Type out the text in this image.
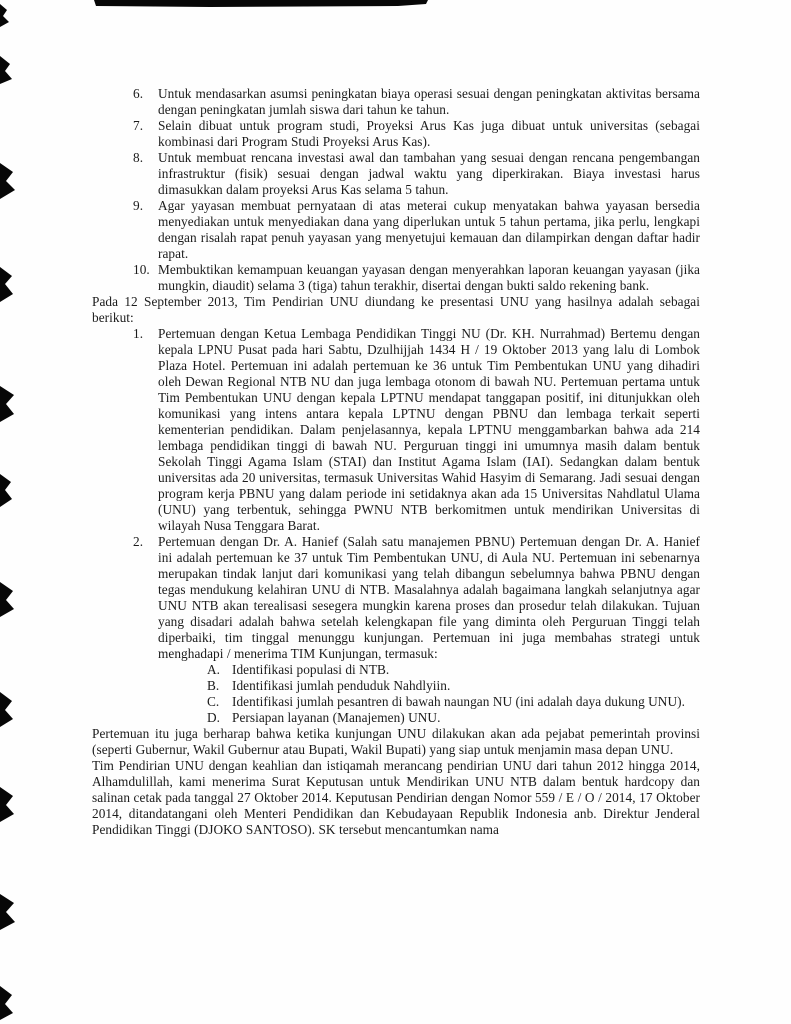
6.	Untuk mendasarkan asumsi peningkatan biaya operasi sesuai dengan peningkatan aktivitas bersama dengan peningkatan jumlah siswa dari tahun ke tahun.
7.	Selain dibuat untuk program studi, Proyeksi Arus Kas juga dibuat untuk universitas (sebagai kombinasi dari Program Studi Proyeksi Arus Kas).
8.	Untuk membuat rencana investasi awal dan tambahan yang sesuai dengan rencana pengembangan infrastruktur (fisik) sesuai dengan jadwal waktu yang diperkirakan. Biaya investasi harus dimasukkan dalam proyeksi Arus Kas selama 5 tahun.
9.	Agar yayasan membuat pernyataan di atas meterai cukup menyatakan bahwa yayasan bersedia menyediakan untuk menyediakan dana yang diperlukan untuk 5 tahun pertama, jika perlu, lengkapi dengan risalah rapat penuh yayasan yang menyetujui kemauan dan dilampirkan dengan daftar hadir rapat.
10. Membuktikan kemampuan keuangan yayasan dengan menyerahkan laporan keuangan yayasan (jika mungkin, diaudit) selama 3 (tiga) tahun terakhir, disertai dengan bukti saldo rekening bank.

Pada 12 September 2013, Tim Pendirian UNU diundang ke presentasi UNU yang hasilnya adalah sebagai berikut:

1.	Pertemuan dengan Ketua Lembaga Pendidikan Tinggi NU (Dr. KH. Nurrahmad) Bertemu dengan kepala LPNU Pusat pada hari Sabtu, Dzulhijjah 1434 H / 19 Oktober 2013 yang lalu di Lombok Plaza Hotel. Pertemuan ini adalah pertemuan ke 36 untuk Tim Pembentukan UNU yang dihadiri oleh Dewan Regional NTB NU dan juga lembaga otonom di bawah NU. Pertemuan pertama untuk Tim Pembentukan UNU dengan kepala LPTNU mendapat tanggapan positif, ini ditunjukkan oleh komunikasi yang intens antara kepala LPTNU dengan PBNU dan lembaga terkait seperti kementerian pendidikan. Dalam penjelasannya, kepala LPTNU menggambarkan bahwa ada 214 lembaga pendidikan tinggi di bawah NU. Perguruan tinggi ini umumnya masih dalam bentuk Sekolah Tinggi Agama Islam (STAI) dan Institut Agama Islam (IAI). Sedangkan dalam bentuk universitas ada 20 universitas, termasuk Universitas Wahid Hasyim di Semarang. Jadi sesuai dengan program kerja PBNU yang dalam periode ini setidaknya akan ada 15 Universitas Nahdlatul Ulama (UNU) yang terbentuk, sehingga PWNU NTB berkomitmen untuk mendirikan Universitas di wilayah Nusa Tenggara Barat.
2.	Pertemuan dengan Dr. A. Hanief (Salah satu manajemen PBNU) Pertemuan dengan Dr. A. Hanief ini adalah pertemuan ke 37 untuk Tim Pembentukan UNU, di Aula NU. Pertemuan ini sebenarnya merupakan tindak lanjut dari komunikasi yang telah dibangun sebelumnya bahwa PBNU dengan tegas mendukung kelahiran UNU di NTB. Masalahnya adalah bagaimana langkah selanjutnya agar UNU NTB akan terealisasi sesegera mungkin karena proses dan prosedur telah dilakukan. Tujuan yang disadari adalah bahwa setelah kelengkapan file yang diminta oleh Perguruan Tinggi telah diperbaiki, tim tinggal menunggu kunjungan. Pertemuan ini juga membahas strategi untuk menghadapi / menerima TIM Kunjungan, termasuk:
A. Identifikasi populasi di NTB.
B. Identifikasi jumlah penduduk Nahdlyiin.
C. Identifikasi jumlah pesantren di bawah naungan NU (ini adalah daya dukung UNU).
D. Persiapan layanan (Manajemen) UNU.

Pertemuan itu juga berharap bahwa ketika kunjungan UNU dilakukan akan ada pejabat pemerintah provinsi (seperti Gubernur, Wakil Gubernur atau Bupati, Wakil Bupati) yang siap untuk menjamin masa depan UNU.

Tim Pendirian UNU dengan keahlian dan istiqamah merancang pendirian UNU dari tahun 2012 hingga 2014, Alhamdulillah, kami menerima Surat Keputusan untuk Mendirikan UNU NTB dalam bentuk hardcopy dan salinan cetak pada tanggal 27 Oktober 2014. Keputusan Pendirian dengan Nomor 559 / E / O / 2014, 17 Oktober 2014, ditandatangani oleh Menteri Pendidikan dan Kebudayaan Republik Indonesia anb. Direktur Jenderal Pendidikan Tinggi (DJOKO SANTOSO). SK tersebut mencantumkan nama
